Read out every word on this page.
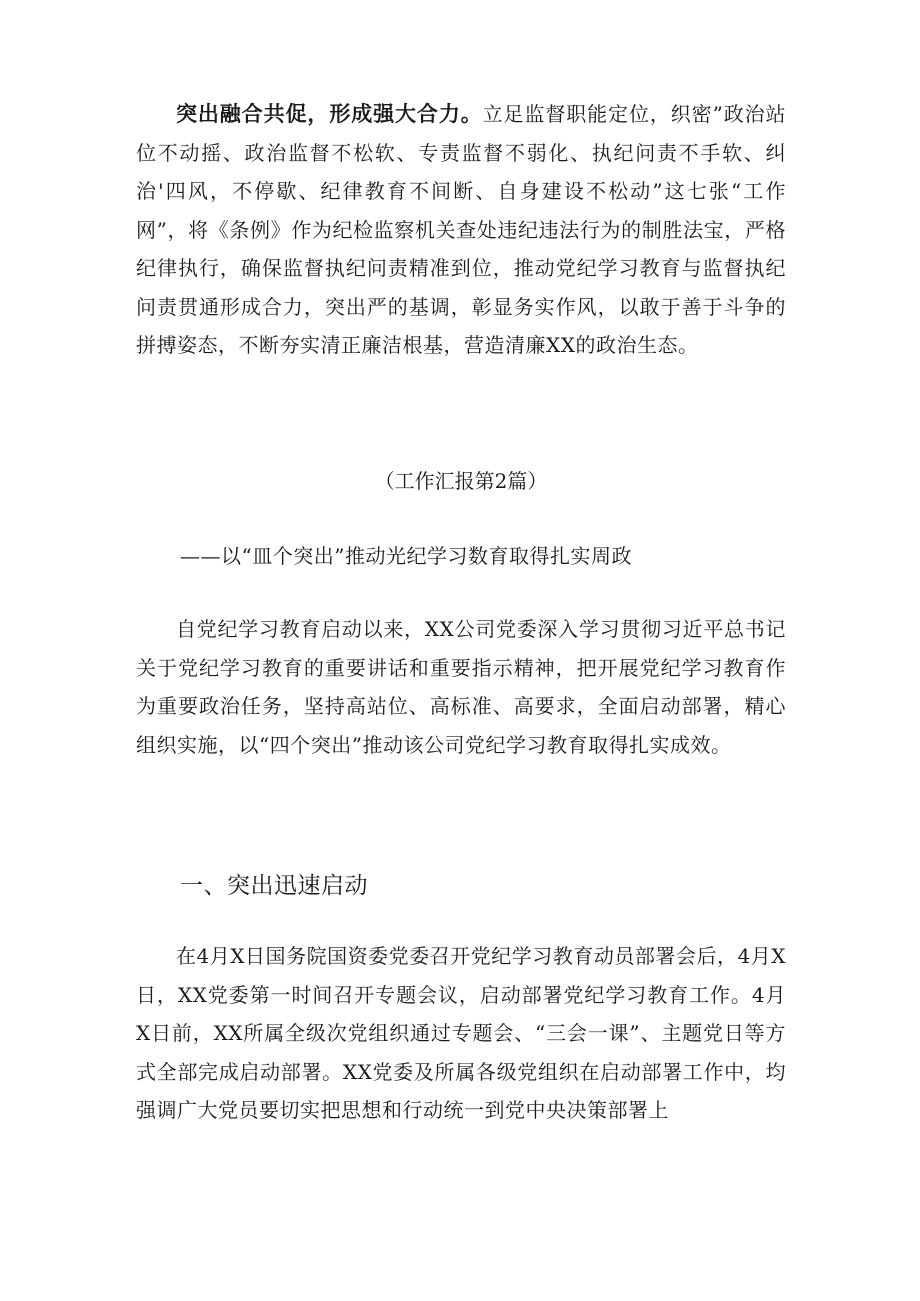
突出融合共促，形成强大合力。立足监督职能定位，织密”政治站位不动摇、政治监督不松软、专责监督不弱化、执纪问责不手软、纠治'四风，不停歇、纪律教育不间断、自身建设不松动”这七张“工作网”，将《条例》作为纪检监察机关查处违纪违法行为的制胜法宝，严格纪律执行，确保监督执纪问责精准到位，推动党纪学习教育与监督执纪问责贯通形成合力，突出严的基调，彰显务实作风，以敢于善于斗争的拼搏姿态，不断夯实清正廉洁根基，营造清廉XX的政治生态。

（工作汇报第2篇）
——以“皿个突出”推动光纪学习数育取得扎实周政

自党纪学习教育启动以来，XX公司党委深入学习贯彻习近平总书记关于党纪学习教育的重要讲话和重要指示精神，把开展党纪学习教育作为重要政治任务，坚持高站位、高标准、高要求，全面启动部署，精心组织实施，以“四个突出”推动该公司党纪学习教育取得扎实成效。

一、突出迅速启动

在4月X日国务院国资委党委召开党纪学习教育动员部署会后，4月X日，XX党委第一时间召开专题会议，启动部署党纪学习教育工作。4月X日前，XX所属全级次党组织通过专题会、“三会一课”、主题党日等方式全部完成启动部署。XX党委及所属各级党组织在启动部署工作中，均强调广大党员要切实把思想和行动统一到党中央决策部署上
